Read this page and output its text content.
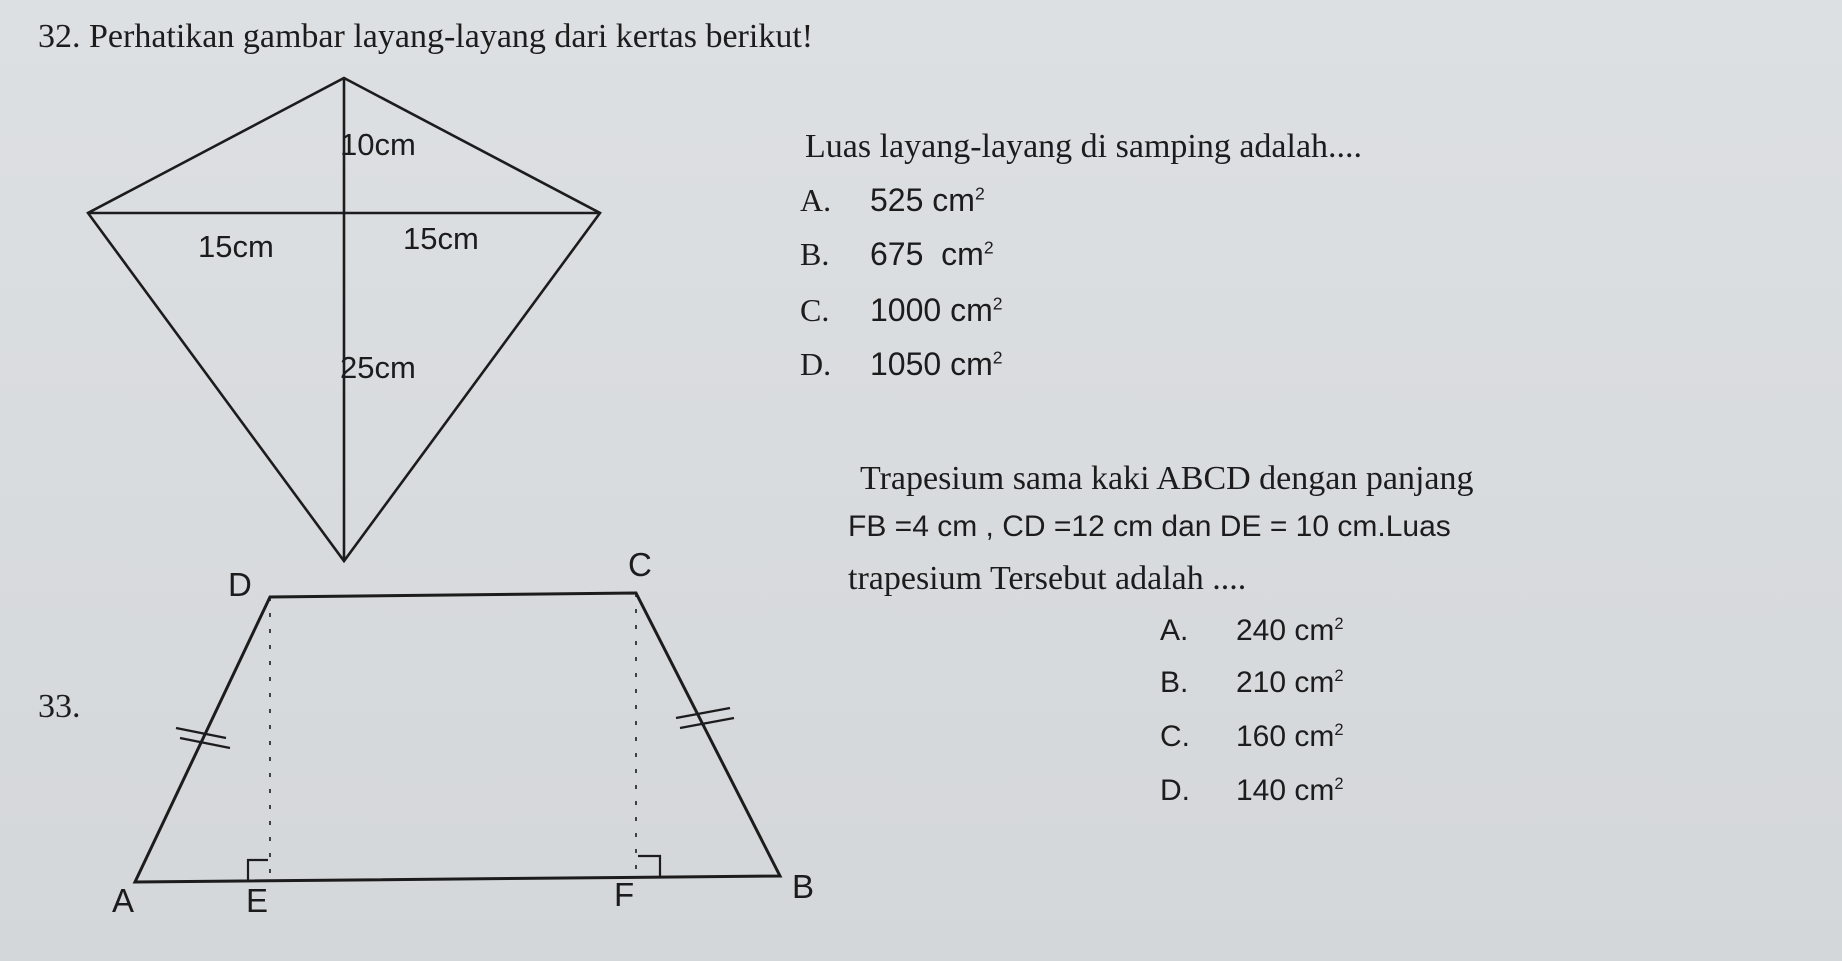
32. Perhatikan gambar layang-layang dari kertas berikut!
10cm
15cm	15cm
25cm
D
C
A	E	F	B
Luas layang-layang di samping adalah....
A.	525 $cm^2$
B.	675 $cm^2$
C.	1000 $cm^2$
D.	1050 $cm^2$
33.
Trapesium sama kaki ABCD dengan panjang
FB =4 cm , CD =12 cm dan DE = 10 cm.Luas
trapesium Tersebut adalah ....
A.	240 $cm^2$
B.	210 $cm^2$
C.	160 $cm^2$
D.	140 $cm^2$
